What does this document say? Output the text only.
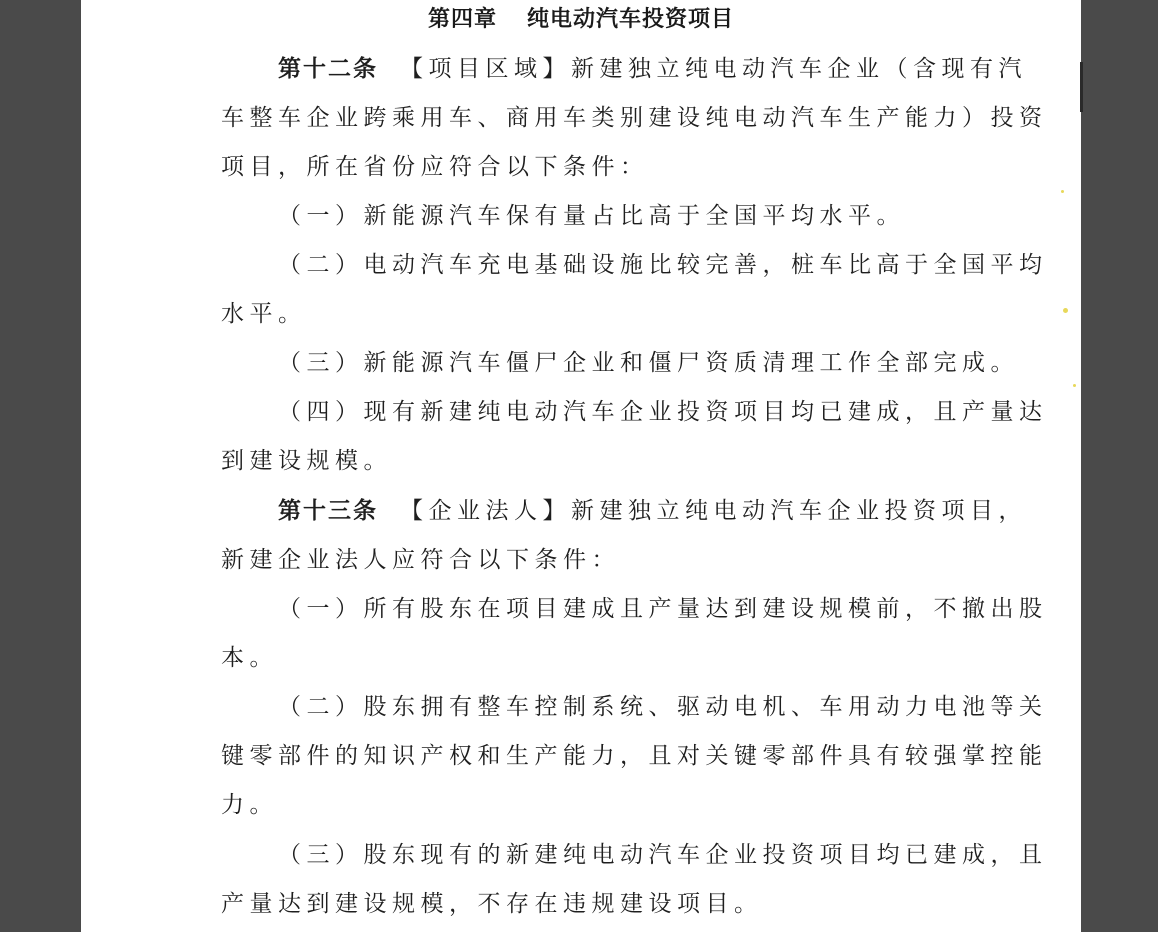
第四章 纯电动汽车投资项目
第十二条 【项目区域】新建独立纯电动汽车企业（含现有汽
车整车企业跨乘用车、商用车类别建设纯电动汽车生产能力）投资
项目，所在省份应符合以下条件：
（一）新能源汽车保有量占比高于全国平均水平。
（二）电动汽车充电基础设施比较完善，桩车比高于全国平均
水平。
（三）新能源汽车僵尸企业和僵尸资质清理工作全部完成。
（四）现有新建纯电动汽车企业投资项目均已建成，且产量达
到建设规模。
第十三条 【企业法人】新建独立纯电动汽车企业投资项目，
新建企业法人应符合以下条件：
（一）所有股东在项目建成且产量达到建设规模前，不撤出股
本。
（二）股东拥有整车控制系统、驱动电机、车用动力电池等关
键零部件的知识产权和生产能力，且对关键零部件具有较强掌控能
力。
（三）股东现有的新建纯电动汽车企业投资项目均已建成，且
产量达到建设规模，不存在违规建设项目。
